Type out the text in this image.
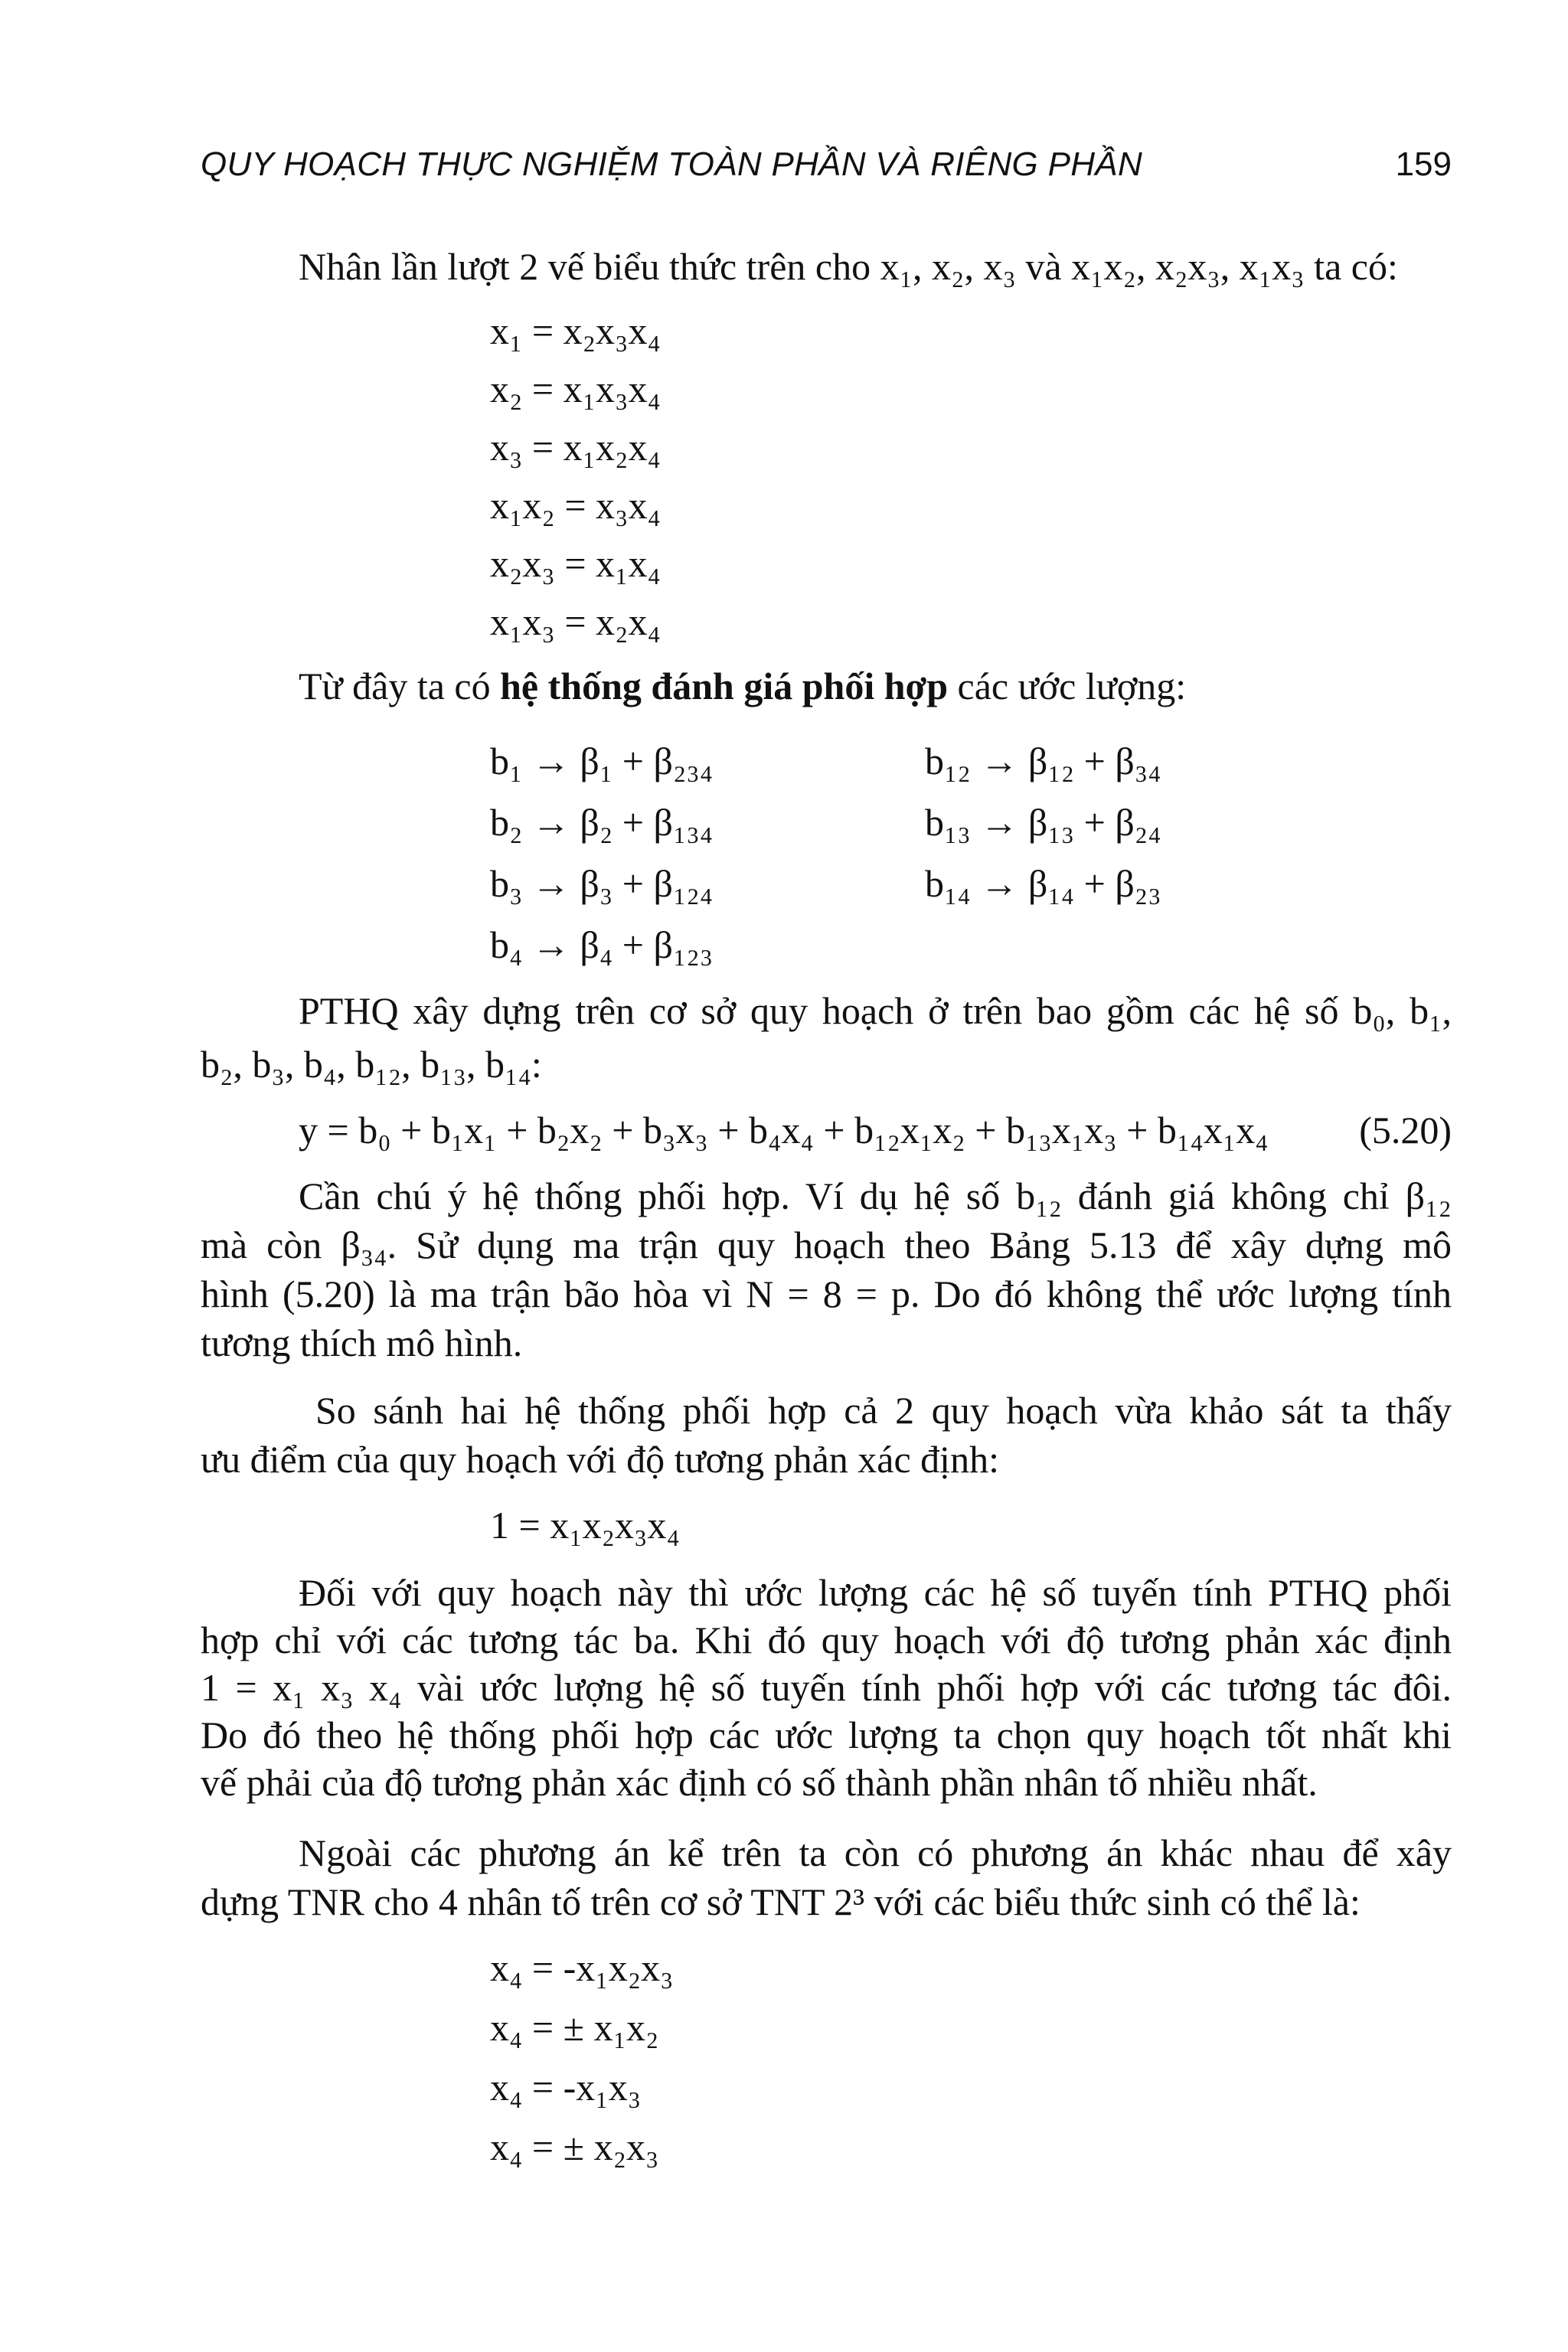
QUY HOẠCH THỰC NGHIỆM TOÀN PHẦN VÀ RIÊNG PHẦN	159
Nhân lần lượt 2 vế biểu thức trên cho x₁, x₂, x₃ và x₁x₂, x₂x₃, x₁x₃ ta có:
x₁ = x₂x₃x₄
x₂ = x₁x₃x₄
x₃ = x₁x₂x₄
x₁x₂ = x₃x₄
x₂x₃ = x₁x₄
x₁x₃ = x₂x₄
Từ đây ta có hệ thống đánh giá phối hợp các ước lượng:
b₁ → β₁ + β₂₃₄
b₂ → β₂ + β₁₃₄
b₃ → β₃ + β₁₂₄
b₄ → β₄ + β₁₂₃
b₁₂ → β₁₂ + β₃₄
b₁₃ → β₁₃ + β₂₄
b₁₄ → β₁₄ + β₂₃
PTHQ xây dựng trên cơ sở quy hoạch ở trên bao gồm các hệ số b₀, b₁,
b₂, b₃, b₄, b₁₂, b₁₃, b₁₄:
y = b₀ + b₁x₁ + b₂x₂ + b₃x₃ + b₄x₄ + b₁₂x₁x₂ + b₁₃x₁x₃ + b₁₄x₁x₄ (5.20)
Cần chú ý hệ thống phối hợp. Ví dụ hệ số b₁₂ đánh giá không chỉ β₁₂
mà còn β₃₄. Sử dụng ma trận quy hoạch theo Bảng 5.13 để xây dựng mô
hình (5.20) là ma trận bão hòa vì N = 8 = p. Do đó không thể ước lượng tính
tương thích mô hình.
So sánh hai hệ thống phối hợp cả 2 quy hoạch vừa khảo sát ta thấy
ưu điểm của quy hoạch với độ tương phản xác định:
1 = x₁x₂x₃x₄
Đối với quy hoạch này thì ước lượng các hệ số tuyến tính PTHQ phối
hợp chỉ với các tương tác ba. Khi đó quy hoạch với độ tương phản xác định
1 = x₁ x₃ x₄ vài ước lượng hệ số tuyến tính phối hợp với các tương tác đôi.
Do đó theo hệ thống phối hợp các ước lượng ta chọn quy hoạch tốt nhất khi
vế phải của độ tương phản xác định có số thành phần nhân tố nhiều nhất.
Ngoài các phương án kể trên ta còn có phương án khác nhau để xây
dựng TNR cho 4 nhân tố trên cơ sở TNT 2³ với các biểu thức sinh có thể là:
x₄ = -x₁x₂x₃
x₄ = ± x₁x₂
x₄ = -x₁x₃
x₄ = ± x₂x₃
